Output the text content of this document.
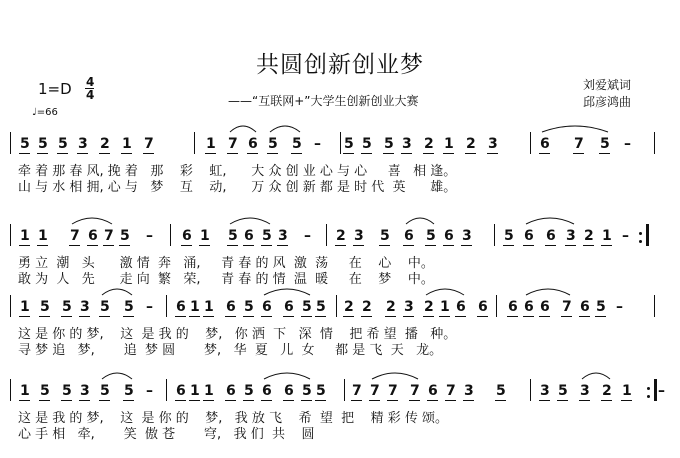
共圆创新创业梦
——“互联网+”大学生创新创业大赛
刘爱斌词
邱彦鸿曲
1=D 4
4
♩=66
5 5 5 3 2 1 7	1 7 6 5 5 – 5 5 5 3 2 1 2 3	6 7 5 –
牵 着 那 春 风, 挽 着   那    彩    虹,      大 众 创 业 心 与 心     喜   相 逢。
山 与 水 相 拥, 心 与   梦    互    动,      万 众 创 新 都 是 时 代  英      雄。
1 1 7 6 7 5 – 6 1 5 6 5 3 – 2 3 5 6 5 6 3 5 6 6 3 2 1 –
勇 立  潮   头      激 情  奔   涌,     青 春 的 风  激  荡     在    心    中。
敢 为  人   先      走 向  繁   荣,     青 春 的 情  温  暖     在    梦    中。
1 5 5 3 5 5 – 6 1 1 6 5 6 6 5 5 2 2 2 3 2 1 6 6 6 6 6 7 6 5 –
这 是 你 的 梦,    这  是 我 的    梦,   你 洒  下   深  情    把 希 望  播   种。
寻 梦 追   梦,       追  梦 圆       梦,   华  夏   儿  女     都 是 飞  天   龙。
1 5 5 3 5 5 – 6 1 1 6 5 6 6 5 5 7 7 7 7 6 7 3 5 3 5 3 2 1 –
这 是 我 的 梦,    这  是 你 的    梦,   我 放 飞    希  望  把    精 彩 传 颂。
心 手 相   牵,       笑  傲 苍       穹,   我 们  共    圆
